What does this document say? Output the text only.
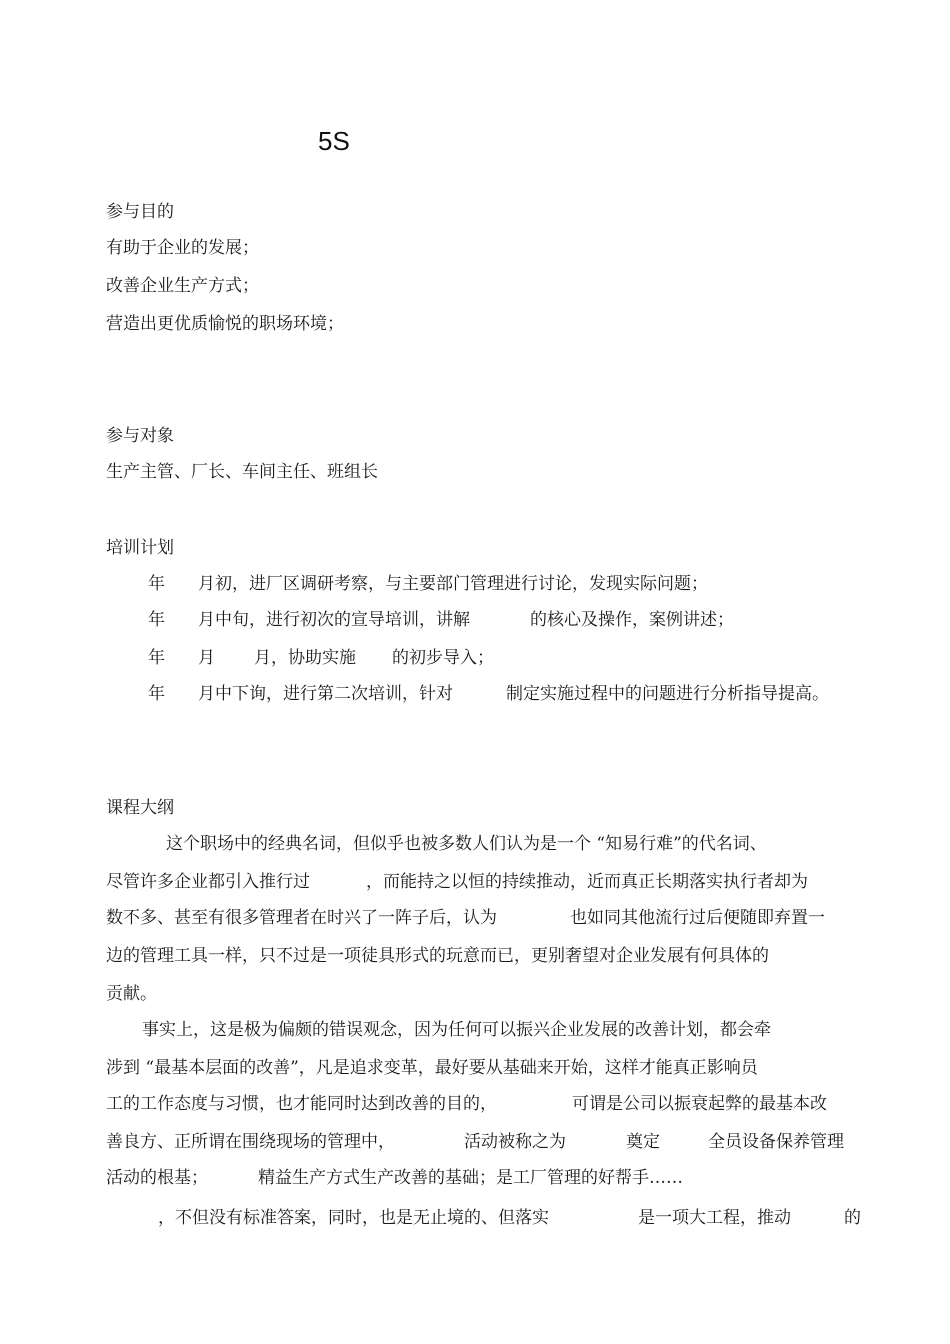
5S
参与目的
有助于企业的发展；
改善企业生产方式；
营造出更优质愉悦的职场环境；
参与对象
生产主管、厂长、车间主任、班组长
培训计划
年 月初，进厂区调研考察，与主要部门管理进行讨论，发现实际问题；
年 月中旬，进行初次的宣导培训，讲解	的核心及操作，案例讲述；
年 月 月，协助实施 的初步导入；
年 月中下询，进行第二次培训，针对	制定实施过程中的问题进行分析指导提高。
课程大纲
这个职场中的经典名词，但似乎也被多数人们认为是一个 “知易行难”的代名词、
尽管许多企业都引入推行过	，而能持之以恒的持续推动，近而真正长期落实执行者却为
数不多、甚至有很多管理者在时兴了一阵子后，认为	也如同其他流行过后便随即弃置一
边的管理工具一样，只不过是一项徒具形式的玩意而已，更别奢望对企业发展有何具体的
贡献。
事实上，这是极为偏颇的错误观念，因为任何可以振兴企业发展的改善计划，都会牵
涉到 “最基本层面的改善”，凡是追求变革，最好要从基础来开始，这样才能真正影响员
工的工作态度与习惯，也才能同时达到改善的目的，	可谓是公司以振衰起弊的最基本改
善良方、正所谓在围绕现场的管理中，	活动被称之为	奠定	全员设备保养管理
活动的根基；	精益生产方式生产改善的基础；是工厂管理的好帮手……
，不但没有标准答案，同时，也是无止境的、但落实	是一项大工程，推动	的
